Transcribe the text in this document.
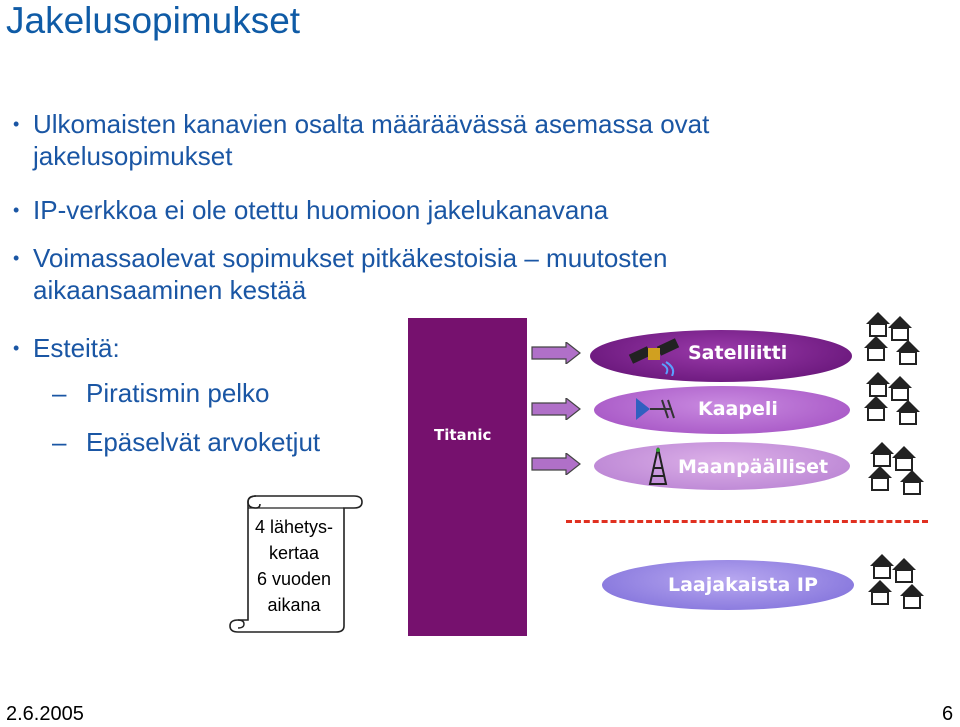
Jakelusopimukset
• Ulkomaisten kanavien osalta määräävässä asemassa ovat
jakelusopimukset
• IP-verkkoa ei ole otettu huomioon jakelukanavana
• Voimassaolevat sopimukset pitkäkestoisia – muutosten
aikaansaaminen kestää
• Esteitä:
– Piratismin pelko
– Epäselvät arvoketjut
4 lähetys-
kertaa
6 vuoden
aikana
Titanic
Satelliitti
Kaapeli
Maanpäälliset
Laajakaista IP
2.6.2005	6
